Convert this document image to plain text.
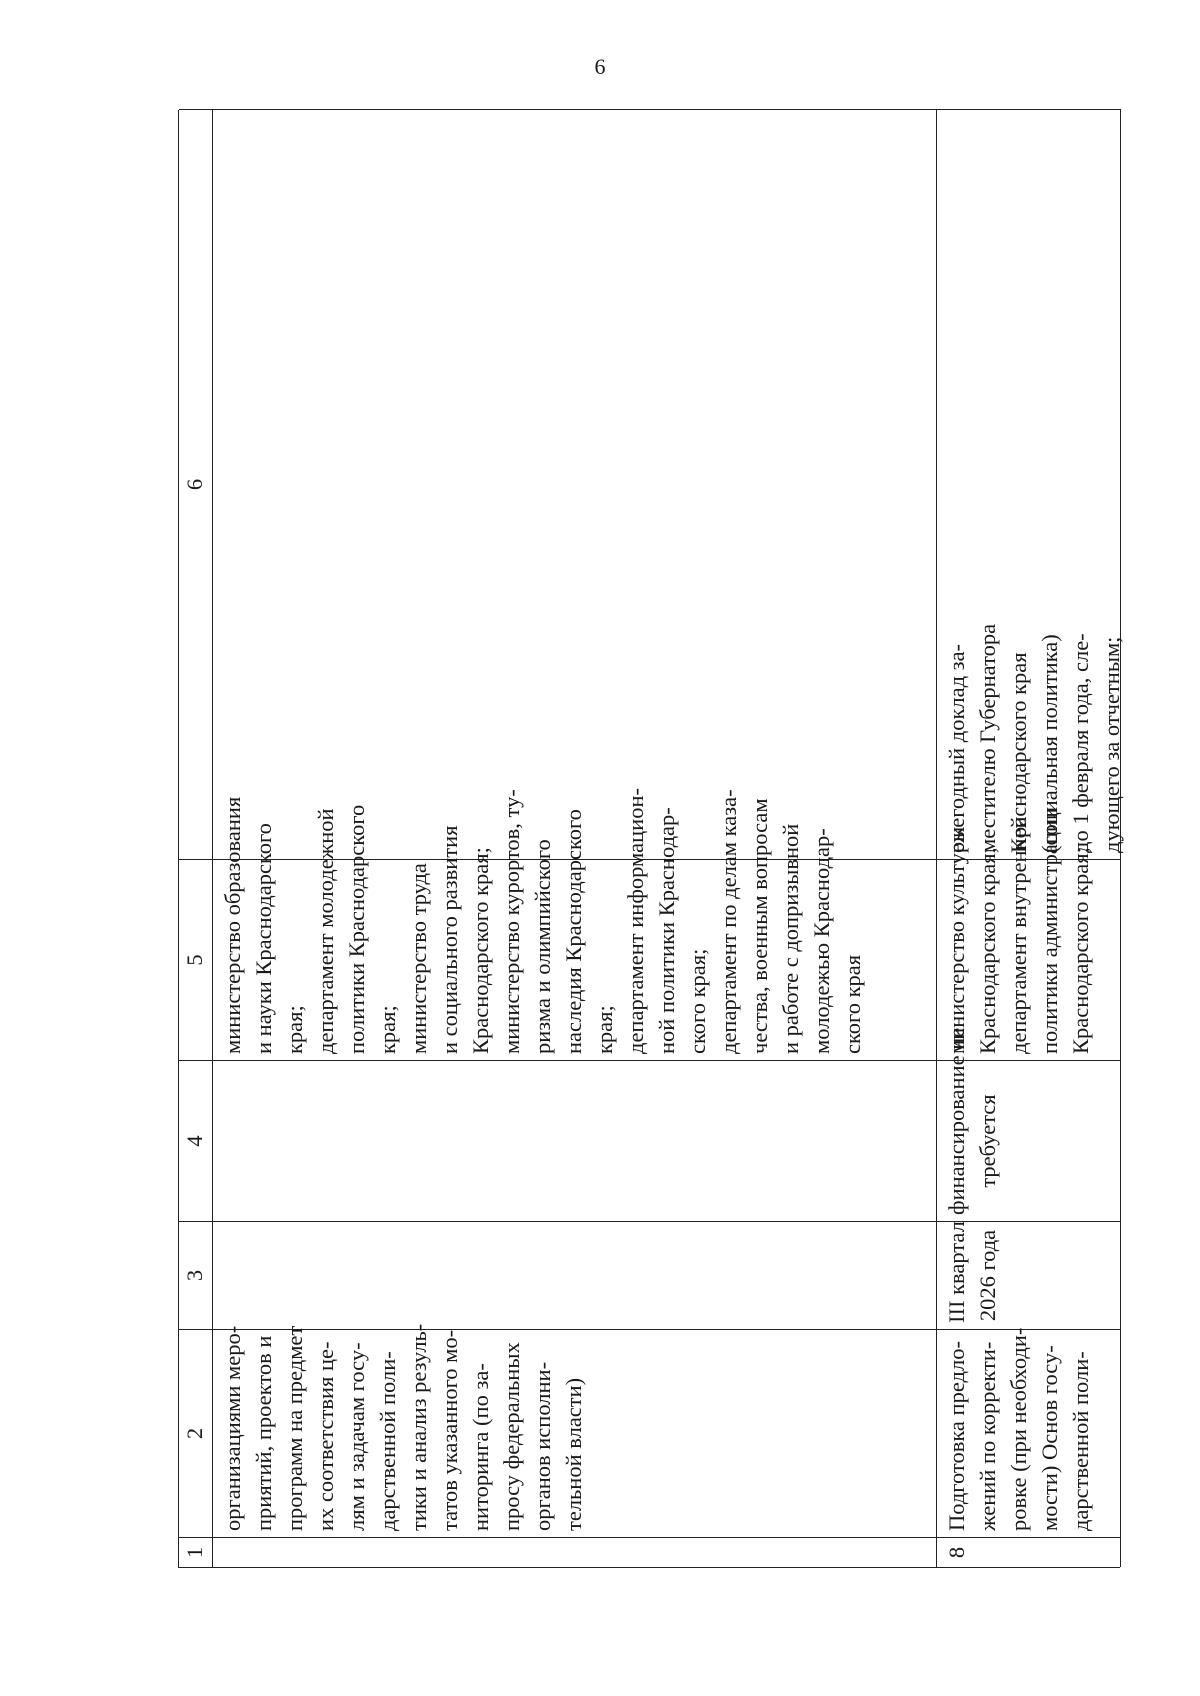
6
1
2
3
4
5
6
организациями меро- приятий, проектов и программ на предмет их соответствия це- лям и задачам госу- дарственной поли- тики и анализ резуль- татов указанного мо- ниторинга (по за- просу федеральных органов исполни- тельной власти)
министерство образования и науки Краснодарского края; департамент молодежной политики Краснодарского края; министерство труда и социального развития Краснодарского края; министерство курортов, ту- ризма и олимпийского наследия Краснодарского края; департамент информацион- ной политики Краснодар- ского края; департамент по делам каза- чества, военным вопросам и работе с допризывной молодежью Краснодар- ского края
8
Подготовка предло- жений по корректи- ровке (при необходи- мости) Основ госу- дарственной поли-
III квартал 2026 года
финансирование не требуется
министерство культуры Краснодарского края; департамент внутренней политики администрации Краснодарского края;
ежегодный доклад за- местителю Губернатора Краснодарского края (социальная политика) до 1 февраля года, сле- дующего за отчетным;
